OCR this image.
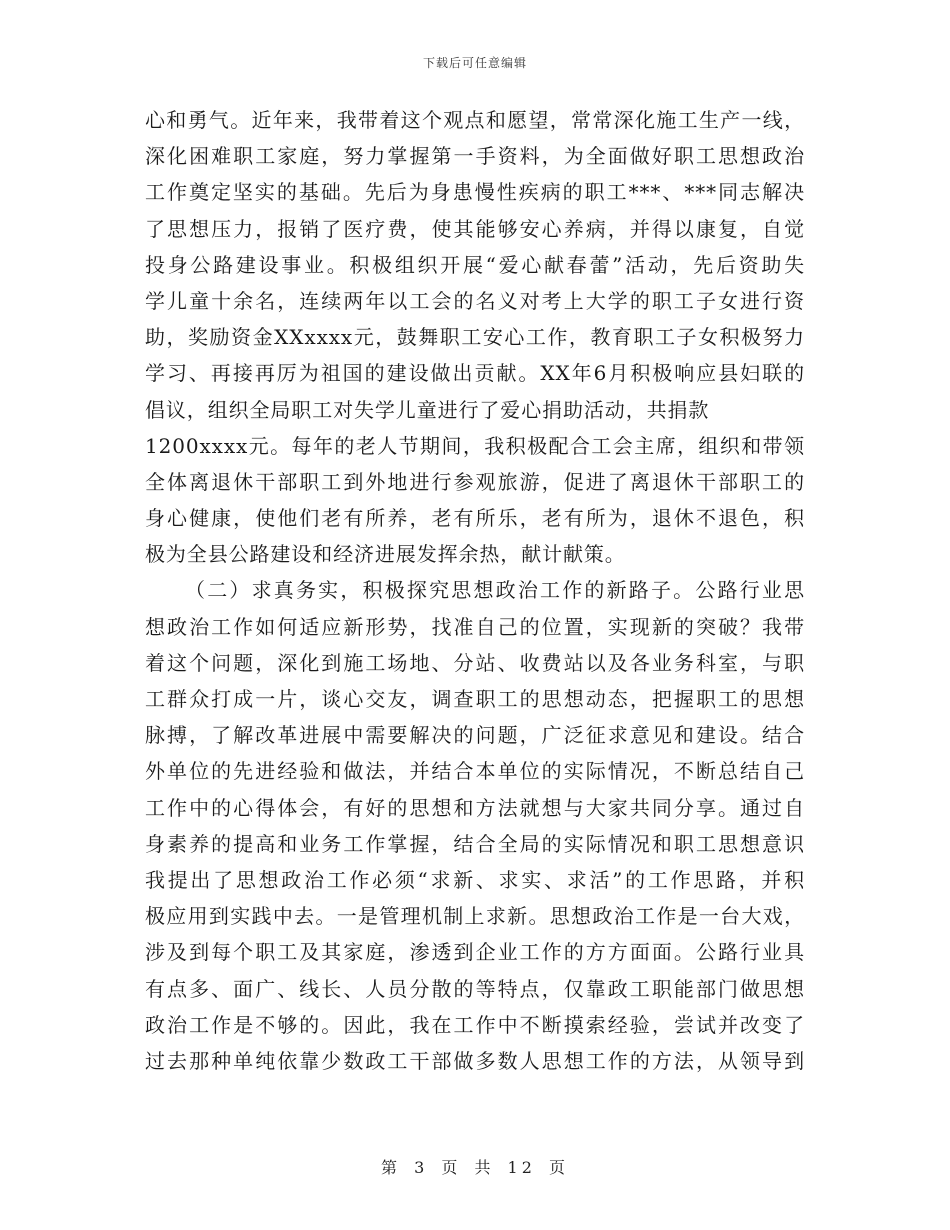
下载后可任意编辑
心和勇气。近年来，我带着这个观点和愿望，常常深化施工生产一线，
深化困难职工家庭，努力掌握第一手资料，为全面做好职工思想政治
工作奠定坚实的基础。先后为身患慢性疾病的职工***、***同志解决
了思想压力，报销了医疗费，使其能够安心养病，并得以康复，自觉
投身公路建设事业。积极组织开展“爱心献春蕾”活动，先后资助失
学儿童十余名，连续两年以工会的名义对考上大学的职工子女进行资
助，奖励资金XXxxxx元，鼓舞职工安心工作，教育职工子女积极努力
学习、再接再厉为祖国的建设做出贡献。XX年6月积极响应县妇联的
倡议，组织全局职工对失学儿童进行了爱心捐助活动，共捐款
1200xxxx元。每年的老人节期间，我积极配合工会主席，组织和带领
全体离退休干部职工到外地进行参观旅游，促进了离退休干部职工的
身心健康，使他们老有所养，老有所乐，老有所为，退休不退色，积
极为全县公路建设和经济进展发挥余热，献计献策。
（二）求真务实，积极探究思想政治工作的新路子。公路行业思
想政治工作如何适应新形势，找准自己的位置，实现新的突破？我带
着这个问题，深化到施工场地、分站、收费站以及各业务科室，与职
工群众打成一片，谈心交友，调查职工的思想动态，把握职工的思想
脉搏，了解改革进展中需要解决的问题，广泛征求意见和建设。结合
外单位的先进经验和做法，并结合本单位的实际情况，不断总结自己
工作中的心得体会，有好的思想和方法就想与大家共同分享。通过自
身素养的提高和业务工作掌握，结合全局的实际情况和职工思想意识
我提出了思想政治工作必须“求新、求实、求活”的工作思路，并积
极应用到实践中去。一是管理机制上求新。思想政治工作是一台大戏，
涉及到每个职工及其家庭，渗透到企业工作的方方面面。公路行业具
有点多、面广、线长、人员分散的等特点，仅靠政工职能部门做思想
政治工作是不够的。因此，我在工作中不断摸索经验，尝试并改变了
过去那种单纯依靠少数政工干部做多数人思想工作的方法，从领导到
第 3 页 共 12 页
